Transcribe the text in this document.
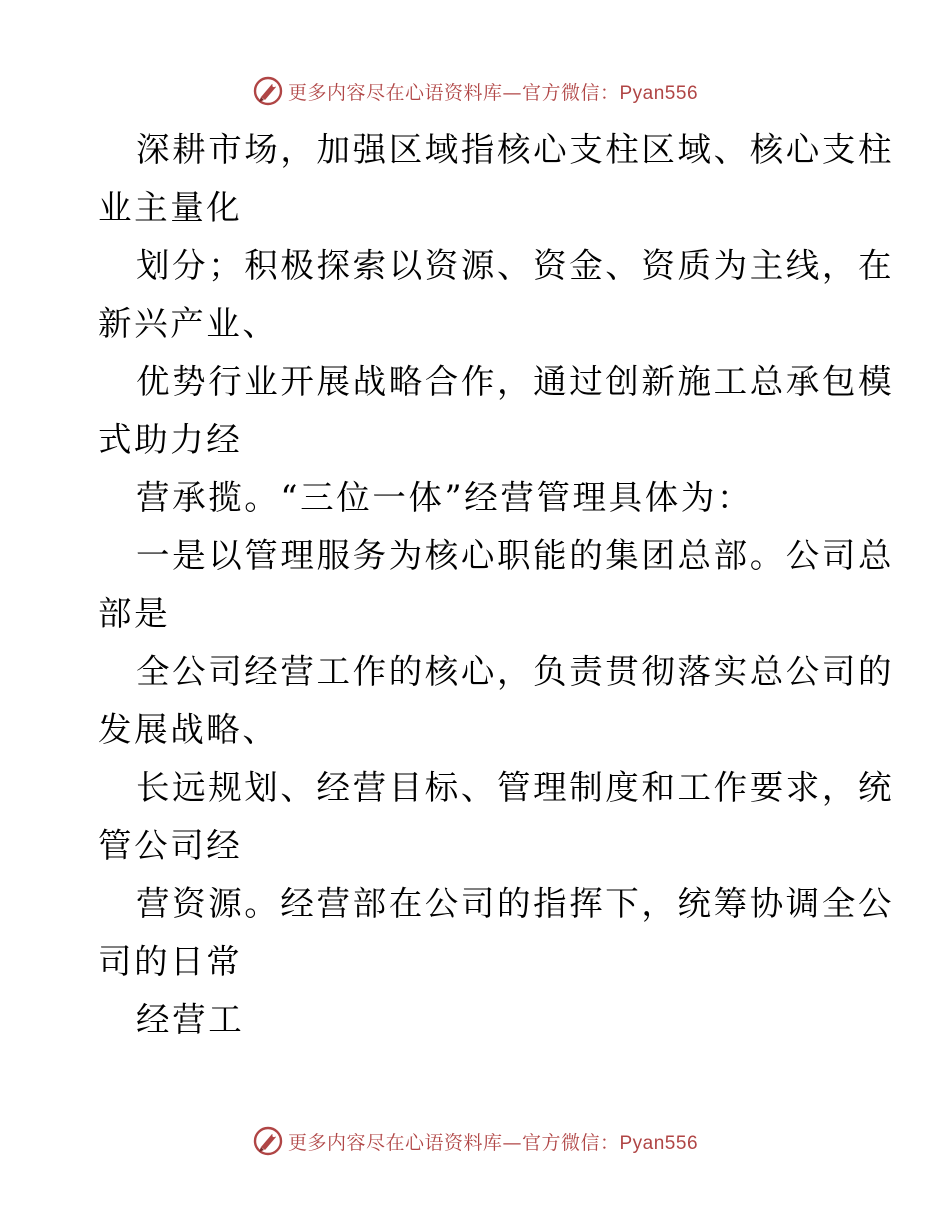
更多内容尽在心语资料库—官方微信：Pyan556
深耕市场，加强区域指核心支柱区域、核心支柱
业主量化
划分；积极探索以资源、资金、资质为主线，在
新兴产业、
优势行业开展战略合作，通过创新施工总承包模
式助力经
营承揽。“三位一体”经营管理具体为：
一是以管理服务为核心职能的集团总部。公司总
部是
全公司经营工作的核心，负责贯彻落实总公司的
发展战略、
长远规划、经营目标、管理制度和工作要求，统
管公司经
营资源。经营部在公司的指挥下，统筹协调全公
司的日常
经营工
更多内容尽在心语资料库—官方微信：Pyan556
